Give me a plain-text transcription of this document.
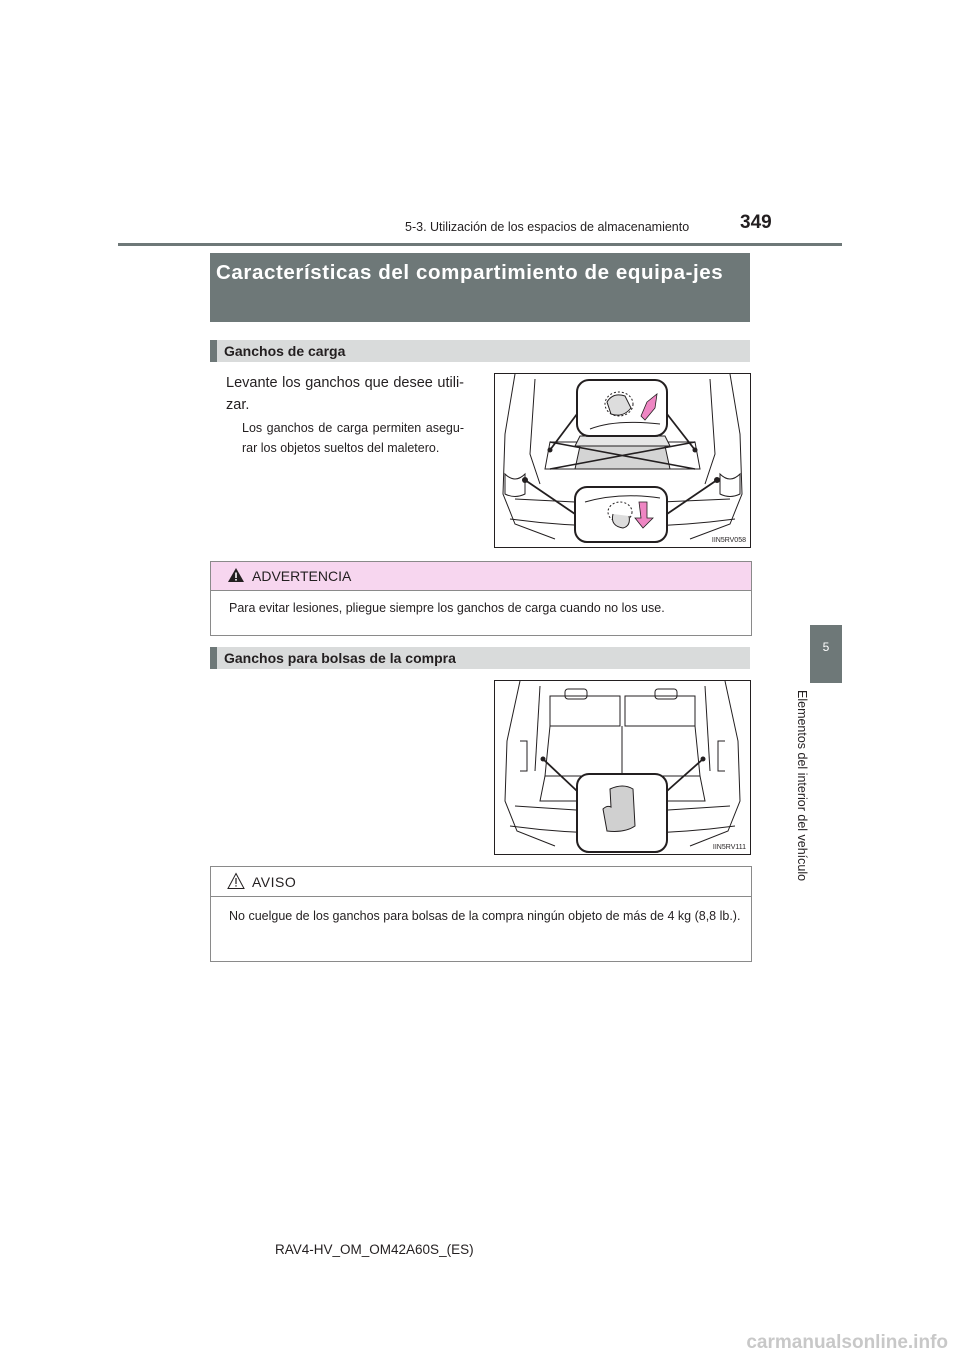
5-3. Utilización de los espacios de almacenamiento	349
5
Elementos del interior del vehículo
Características del compartimiento de equipa-jes
Ganchos de carga
Levante los ganchos que desee utili-zar.
Los ganchos de carga permiten asegu-rar los objetos sueltos del maletero.
IIN5RV058
ADVERTENCIA
Para evitar lesiones, pliegue siempre los ganchos de carga cuando no los use.
Ganchos para bolsas de la compra
IIN5RV111
AVISO
No cuelgue de los ganchos para bolsas de la compra ningún objeto de más de 4 kg (8,8 lb.).
RAV4-HV_OM_OM42A60S_(ES)
carmanualsonline.info
